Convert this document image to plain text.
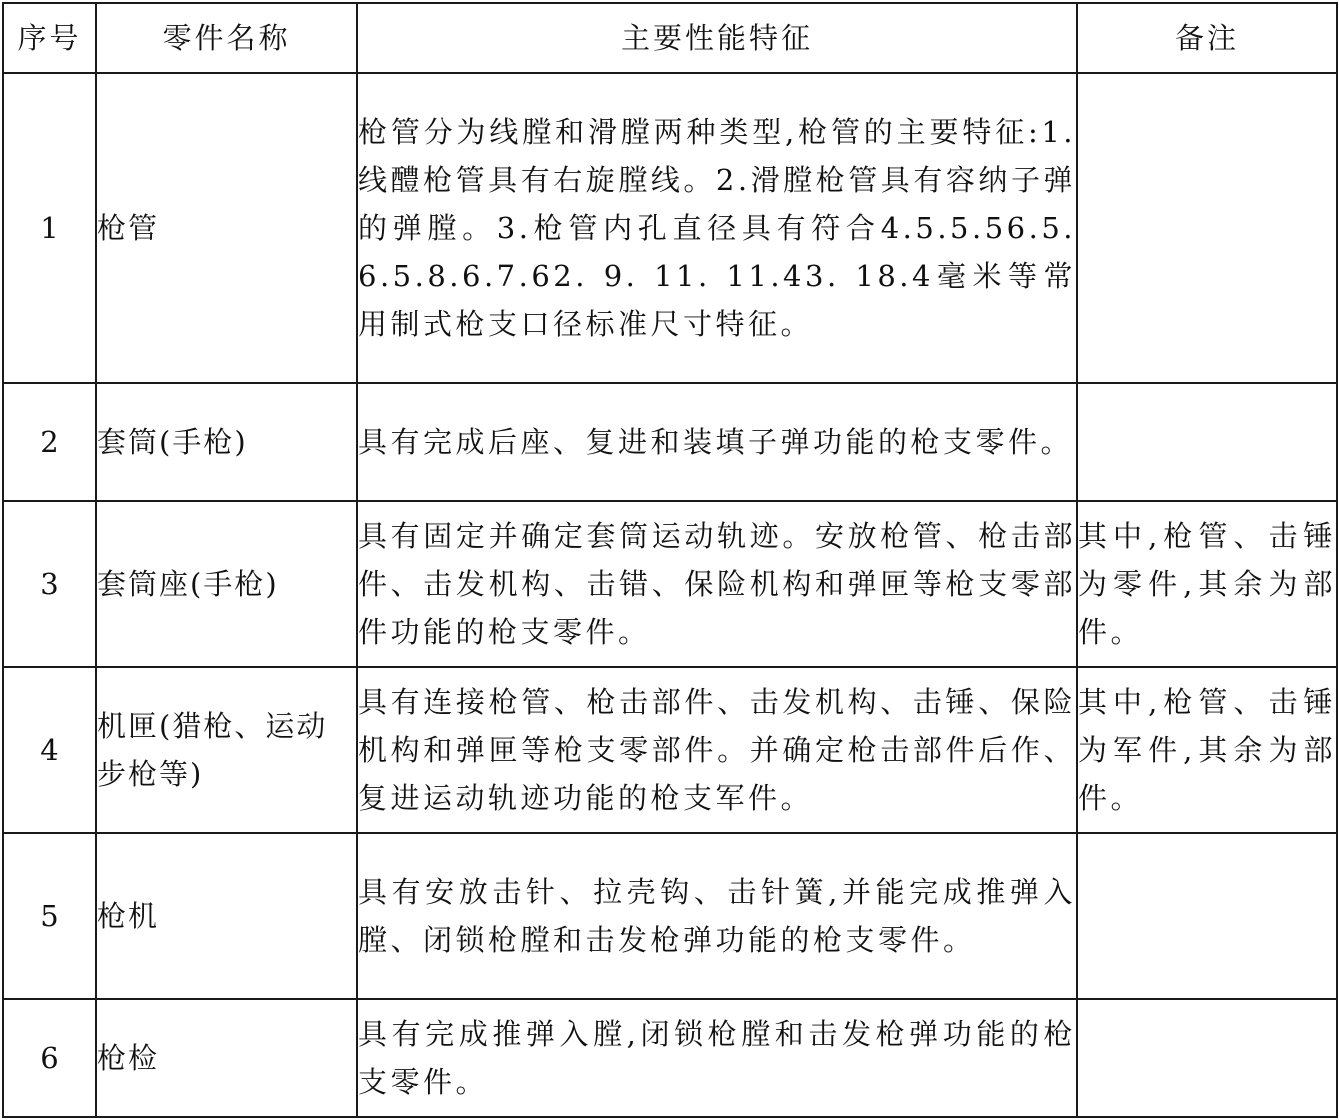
序号	零件名称	主要性能特征	备注
1	枪管	枪管分为线膛和滑膛两种类型,枪管的主要特征:1.线醴枪管具有右旋膛线。2.滑膛枪管具有容纳子弹的弹膛。3.枪管内孔直径具有符合4.5.5.56.5.6.5.8.6.7.62. 9. 11. 11.43. 18.4毫米等常用制式枪支口径标准尺寸特征。	
2	套筒(手枪)	具有完成后座、复进和装填子弹功能的枪支零件。	
3	套筒座(手枪)	具有固定并确定套筒运动轨迹。安放枪管、枪击部件、击发机构、击错、保险机构和弹匣等枪支零部件功能的枪支零件。	其中,枪管、击锤为零件,其余为部件。
4	机匣(猎枪、运动步枪等)	具有连接枪管、枪击部件、击发机构、击锤、保险机构和弹匣等枪支零部件。并确定枪击部件后作、复进运动轨迹功能的枪支军件。	其中,枪管、击锤为军件,其余为部件。
5	枪机	具有安放击针、拉壳钩、击针簧,并能完成推弹入膛、闭锁枪膛和击发枪弹功能的枪支零件。	
6	枪检	具有完成推弹入膛,闭锁枪膛和击发枪弹功能的枪支零件。	
